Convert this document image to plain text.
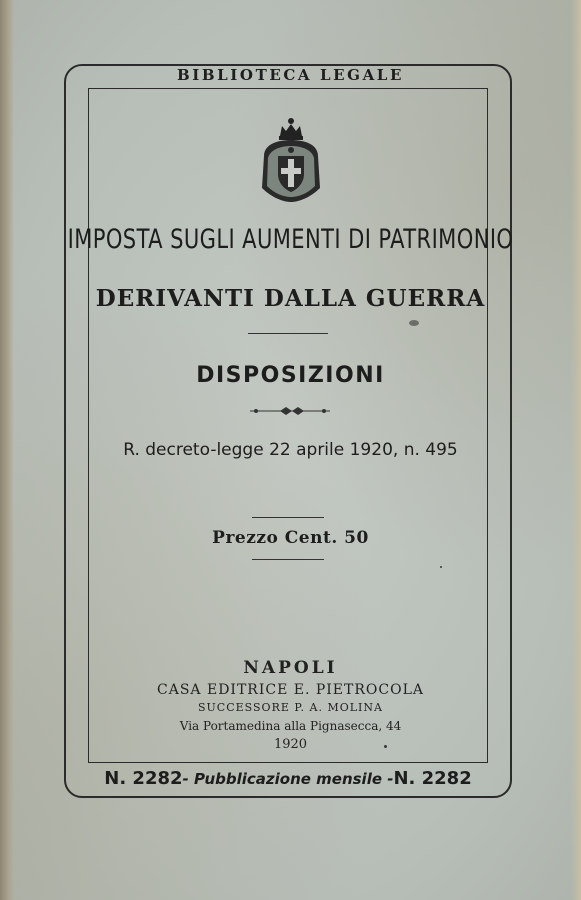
BIBLIOTECA LEGALE
IMPOSTA SUGLI AUMENTI DI PATRIMONIO
DERIVANTI DALLA GUERRA
DISPOSIZIONI
R. decreto-legge 22 aprile 1920, n. 495
Prezzo Cent. 50
NAPOLI
CASA EDITRICE E. PIETROCOLA
SUCCESSORE P. A. MOLINA
Via Portamedina alla Pignasecca, 44
1920
N. 2282- Pubblicazione mensile -N. 2282
